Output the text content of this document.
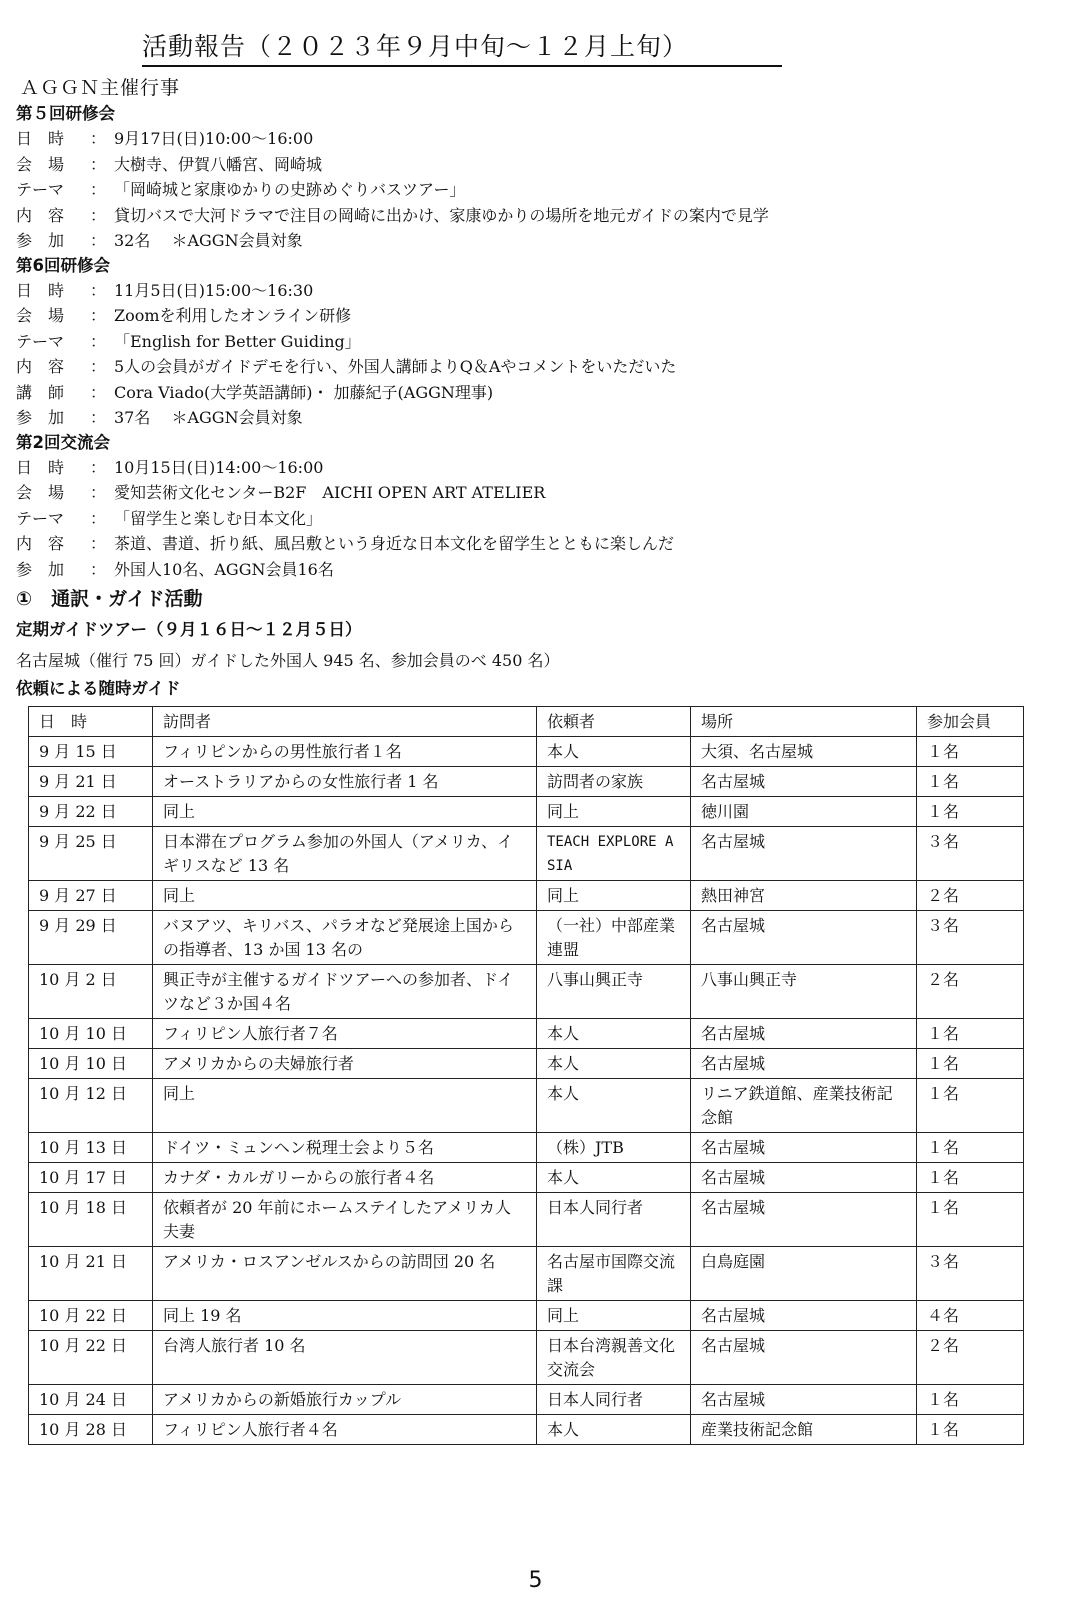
活動報告（２０２３年９月中旬～１２月上旬）
ＡＧＧＮ主催行事
第５回研修会
日　時	： 9月17日(日)10:00～16:00
会　場	： 大樹寺、伊賀八幡宮、岡崎城
テーマ	： 「岡崎城と家康ゆかりの史跡めぐりバスツアー」
内　容	： 貸切バスで大河ドラマで注目の岡崎に出かけ、家康ゆかりの場所を地元ガイドの案内で見学
参　加	： 32名　 ＊AGGN会員対象
第6回研修会
日　時	： 11月5日(日)15:00～16:30
会　場	： Zoomを利用したオンライン研修
テーマ	： 「English for Better Guiding」
内　容	： 5人の会員がガイドデモを行い、外国人講師よりQ＆Aやコメントをいただいた
講　師	： Cora Viado(大学英語講師)・ 加藤紀子(AGGN理事)
参　加	： 37名　 ＊AGGN会員対象
第2回交流会
日　時	： 10月15日(日)14:00～16:00
会　場	： 愛知芸術文化センターB2F　AICHI OPEN ART ATELIER
テーマ	： 「留学生と楽しむ日本文化」
内　容	： 茶道、書道、折り紙、風呂敷という身近な日本文化を留学生とともに楽しんだ
参　加	： 外国人10名、AGGN会員16名
①　通訳・ガイド活動
定期ガイドツアー（９月１６日～１２月５日）
名古屋城（催行 75 回）ガイドした外国人 945 名、参加会員のべ 450 名）
依頼による随時ガイド
日　時	訪問者	依頼者	場所	参加会員
9 月 15 日	フィリピンからの男性旅行者１名	本人	大須、名古屋城	１名
9 月 21 日	オーストラリアからの女性旅行者 1 名	訪問者の家族	名古屋城	１名
9 月 22 日	同上	同上	徳川園	１名
9 月 25 日	日本滞在プログラム参加の外国人（アメリカ、イギリスなど 13 名	TEACH EXPLORE ASIA	名古屋城	３名
9 月 27 日	同上	同上	熱田神宮	２名
9 月 29 日	バヌアツ、キリバス、パラオなど発展途上国からの指導者、13 か国 13 名の	（一社）中部産業連盟	名古屋城	３名
10 月 2 日	興正寺が主催するガイドツアーへの参加者、ドイツなど３か国４名	八事山興正寺	八事山興正寺	２名
10 月 10 日	フィリピン人旅行者７名	本人	名古屋城	１名
10 月 10 日	アメリカからの夫婦旅行者	本人	名古屋城	１名
10 月 12 日	同上	本人	リニア鉄道館、産業技術記念館	１名
10 月 13 日	ドイツ・ミュンヘン税理士会より５名	（株）JTB	名古屋城	１名
10 月 17 日	カナダ・カルガリーからの旅行者４名	本人	名古屋城	１名
10 月 18 日	依頼者が 20 年前にホームステイしたアメリカ人夫妻	日本人同行者	名古屋城	１名
10 月 21 日	アメリカ・ロスアンゼルスからの訪問団 20 名	名古屋市国際交流課	白鳥庭園	３名
10 月 22 日	同上 19 名	同上	名古屋城	４名
10 月 22 日	台湾人旅行者 10 名	日本台湾親善文化交流会	名古屋城	２名
10 月 24 日	アメリカからの新婚旅行カップル	日本人同行者	名古屋城	１名
10 月 28 日	フィリピン人旅行者４名	本人	産業技術記念館	１名
5
